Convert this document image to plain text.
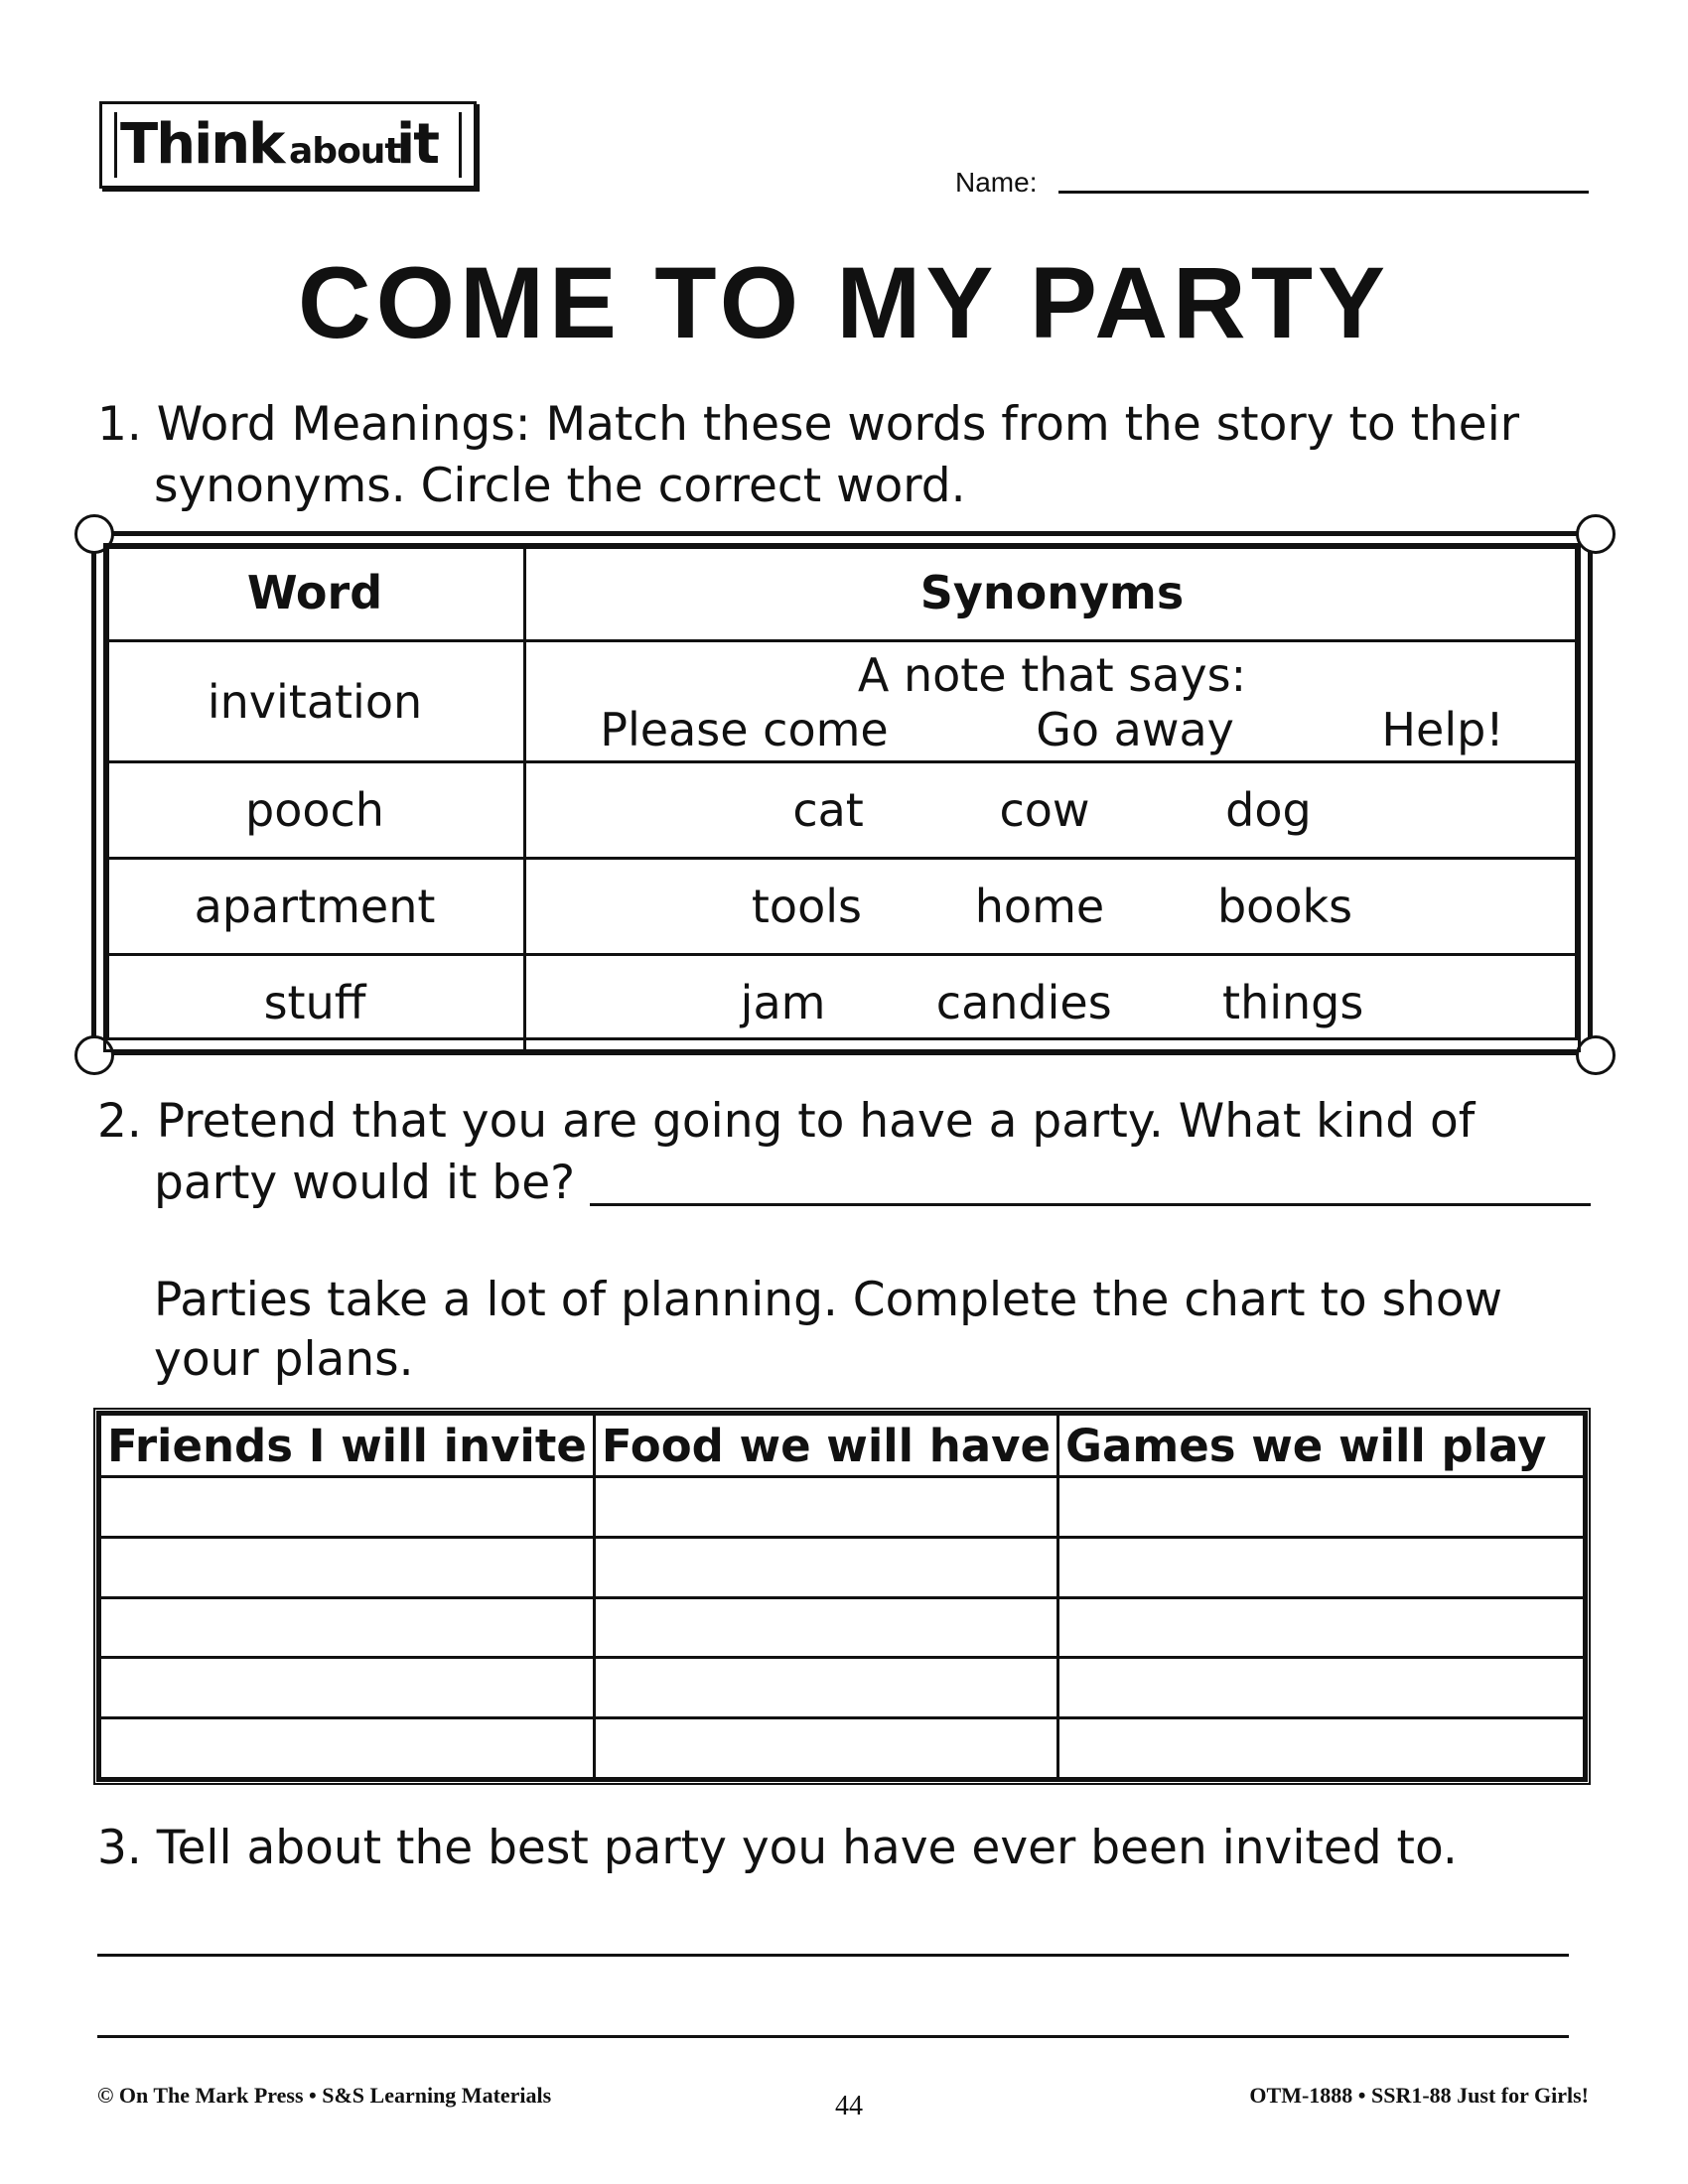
Think about
it
Name:
COME TO MY PARTY
1. Word Meanings: Match these words from the story to their
synonyms. Circle the correct word.
Word	Synonyms
invitation	A note that says:
Please come Go away Help!

pooch	cat cow dog

apartment	tools home books

stuff	jam candies things
2. Pretend that you are going to have a party. What kind of
party would it be?
Parties take a lot of planning. Complete the chart to show your plans.
Friends I will invite	Food we will have	Games we will play

3. Tell about the best party you have ever been invited to.
© On The Mark Press • S&S Learning Materials	44	OTM-1888 • SSR1-88 Just for Girls!
